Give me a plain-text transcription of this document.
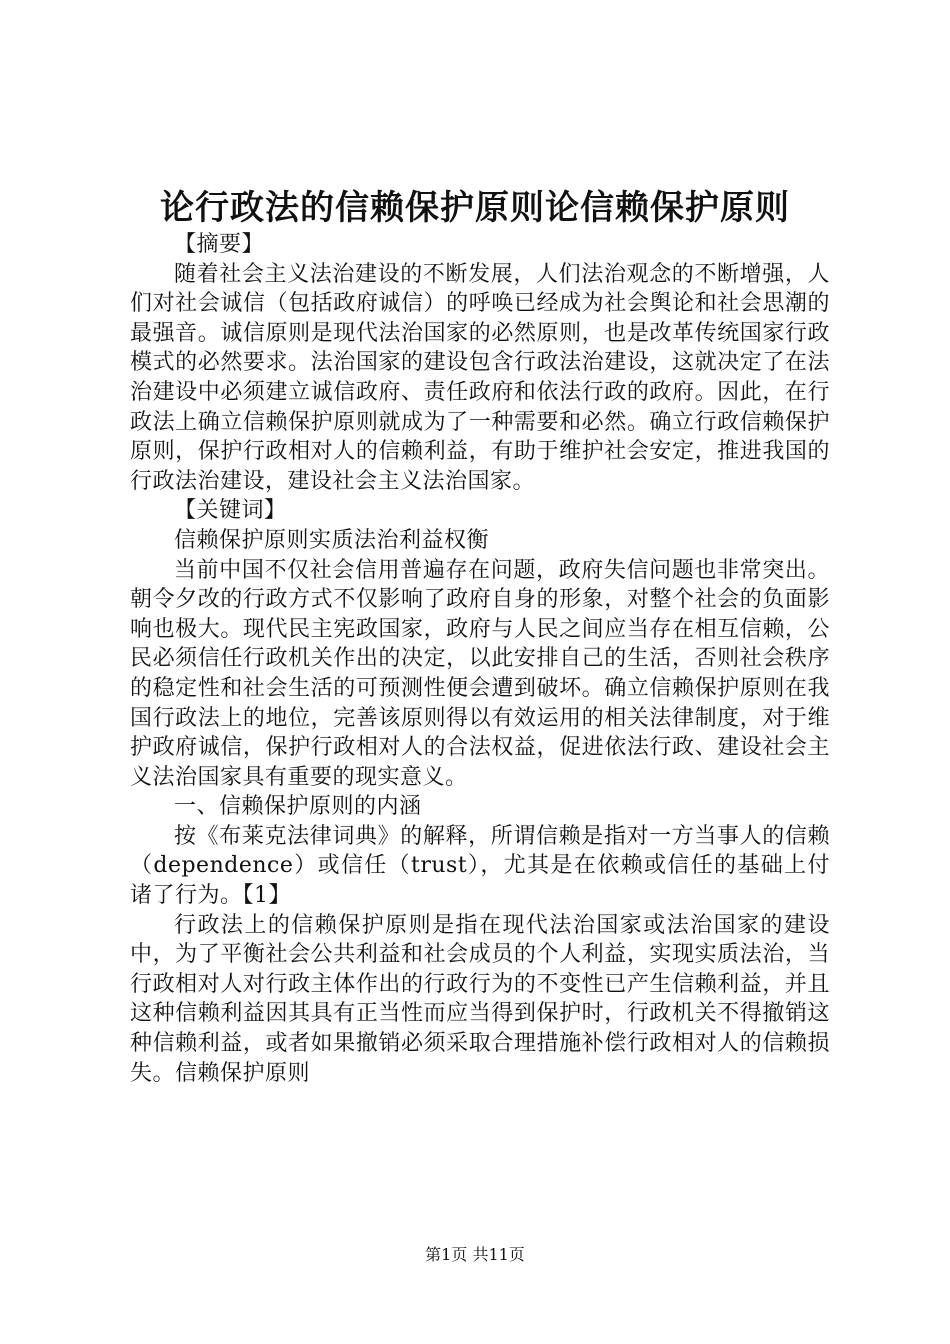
论行政法的信赖保护原则论信赖保护原则

【摘要】

随着社会主义法治建设的不断发展，人们法治观念的不断增强，人们对社会诚信（包括政府诚信）的呼唤已经成为社会舆论和社会思潮的最强音。诚信原则是现代法治国家的必然原则，也是改革传统国家行政模式的必然要求。法治国家的建设包含行政法治建设，这就决定了在法治建设中必须建立诚信政府、责任政府和依法行政的政府。因此，在行政法上确立信赖保护原则就成为了一种需要和必然。确立行政信赖保护原则，保护行政相对人的信赖利益，有助于维护社会安定，推进我国的行政法治建设，建设社会主义法治国家。

【关键词】

信赖保护原则实质法治利益权衡

当前中国不仅社会信用普遍存在问题，政府失信问题也非常突出。朝令夕改的行政方式不仅影响了政府自身的形象，对整个社会的负面影响也极大。现代民主宪政国家，政府与人民之间应当存在相互信赖，公民必须信任行政机关作出的决定，以此安排自己的生活，否则社会秩序的稳定性和社会生活的可预测性便会遭到破坏。确立信赖保护原则在我国行政法上的地位，完善该原则得以有效运用的相关法律制度，对于维护政府诚信，保护行政相对人的合法权益，促进依法行政、建设社会主义法治国家具有重要的现实意义。

一、信赖保护原则的内涵

按《布莱克法律词典》的解释，所谓信赖是指对一方当事人的信赖（dependence）或信任（trust），尤其是在依赖或信任的基础上付诸了行为。【1】

行政法上的信赖保护原则是指在现代法治国家或法治国家的建设中，为了平衡社会公共利益和社会成员的个人利益，实现实质法治，当行政相对人对行政主体作出的行政行为的不变性已产生信赖利益，并且这种信赖利益因其具有正当性而应当得到保护时，行政机关不得撤销这种信赖利益，或者如果撤销必须采取合理措施补偿行政相对人的信赖损失。信赖保护原则

第1页 共11页
